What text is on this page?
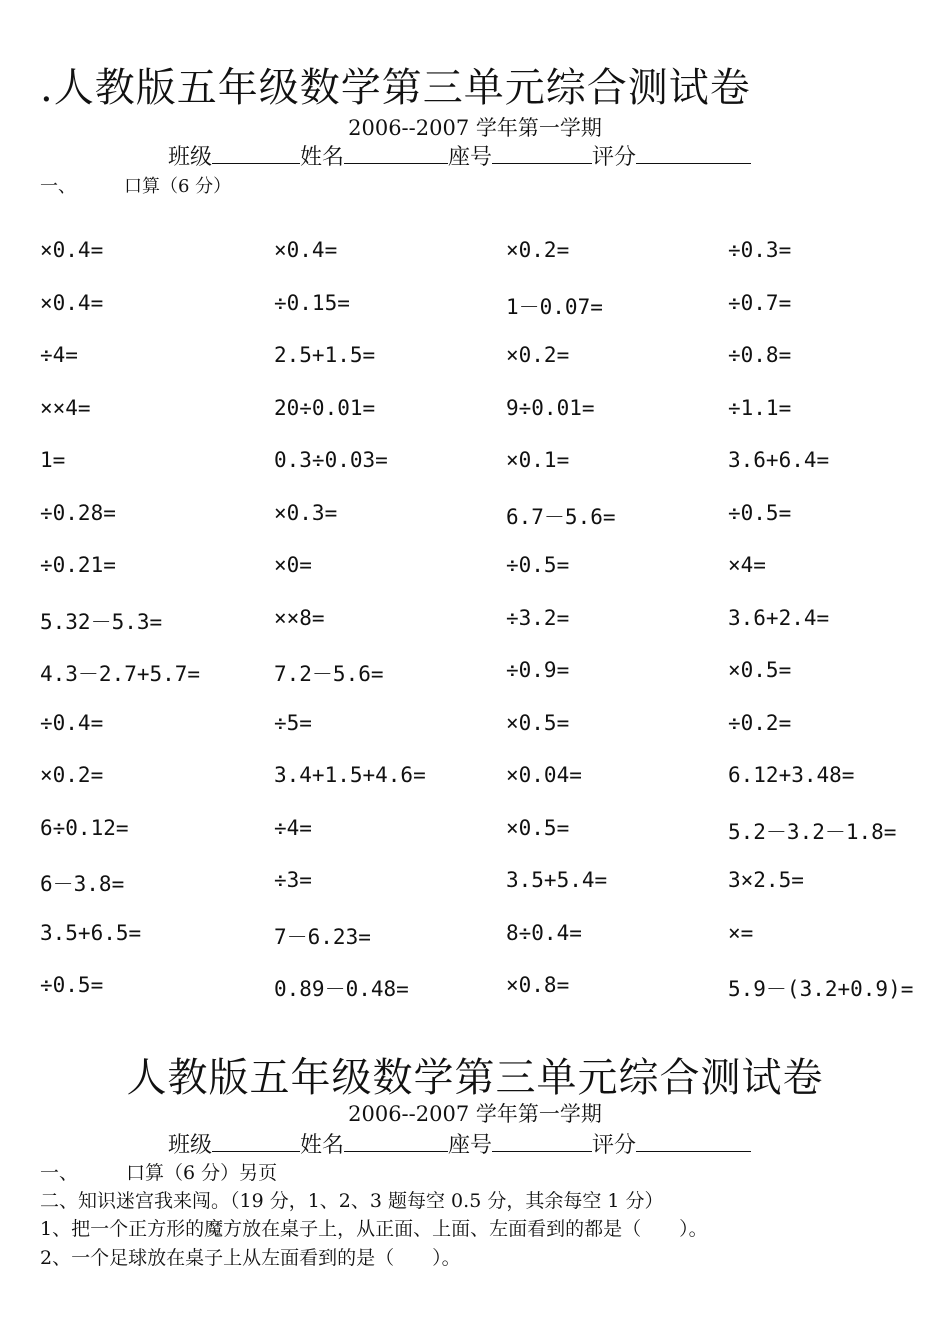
.人教版五年级数学第三单元综合测试卷
2006--2007 学年第一学期
班级	姓名	座号	评分
一、	口算（6 分）
×0.4=	×0.4=	×0.2=	÷0.3=
×0.4=	÷0.15=	1－0.07=	÷0.7=
÷4=	2.5+1.5=	×0.2=	÷0.8=
××4=	20÷0.01=	9÷0.01=	÷1.1=
1=	0.3÷0.03=	×0.1=	3.6+6.4=
÷0.28=	×0.3=	6.7－5.6=	÷0.5=
÷0.21=	×0=	÷0.5=	×4=
5.32－5.3=	××8=	÷3.2=	3.6+2.4=
4.3－2.7+5.7=	7.2－5.6=	÷0.9=	×0.5=
÷0.4=	÷5=	×0.5=	÷0.2=
×0.2=	3.4+1.5+4.6=	×0.04=	6.12+3.48=
6÷0.12=	÷4=	×0.5=	5.2－3.2－1.8=
6－3.8=	÷3=	3.5+5.4=	3×2.5=
3.5+6.5=	7－6.23=	8÷0.4=	×=
÷0.5=	0.89－0.48=	×0.8=	5.9－(3.2+0.9)=
人教版五年级数学第三单元综合测试卷
2006--2007 学年第一学期
班级	姓名	座号	评分
一、	口算（6 分）另页
二、知识迷宫我来闯。（19 分，1、2、3 题每空 0.5 分，其余每空 1 分）
1、把一个正方形的魔方放在桌子上，从正面、上面、左面看到的都是（　　）。
2、一个足球放在桌子上从左面看到的是（　　）。
